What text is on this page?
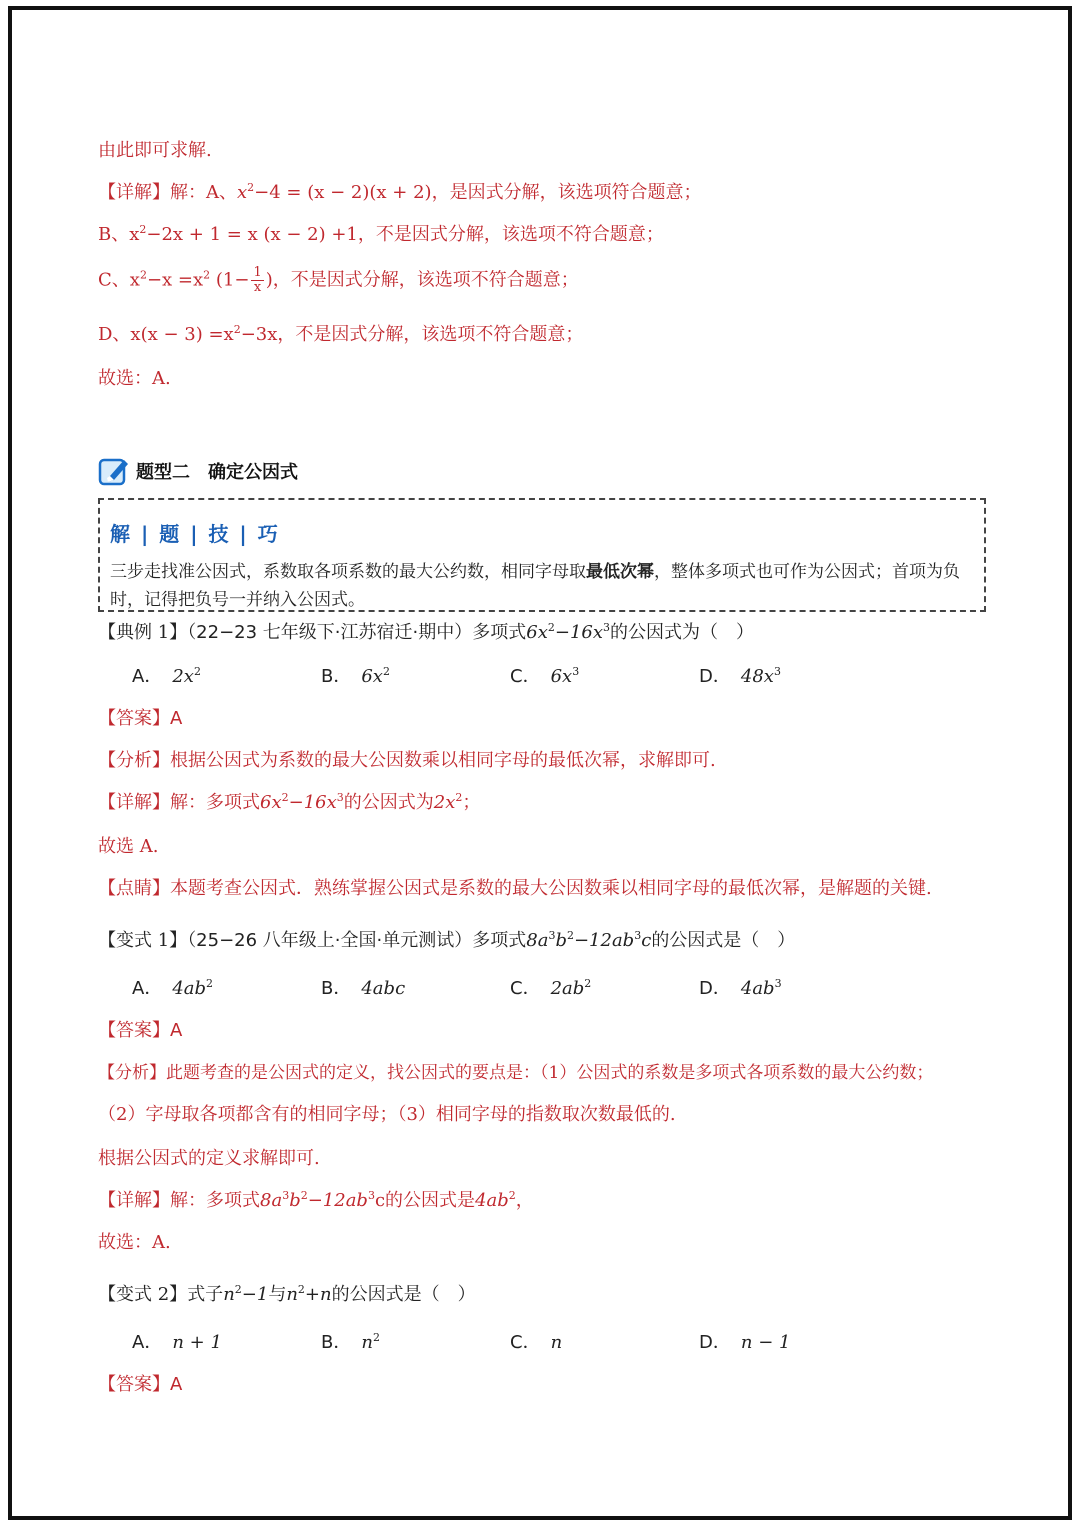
由此即可求解.
【详解】解：A、$x^2-4 = (x - 2)(x + 2)$，是因式分解，该选项符合题意；
B、$x^2-2x + 1 = x$ (x − 2) +1，不是因式分解，该选项不符合题意；
C、$x^2-x =x^2$ ($1- \frac{1}{x}$ )，不是因式分解，该选项不符合题意；
D、$x(x - 3) =x^2-3x$，不是因式分解，该选项不符合题意；
故选：A.
题型二　确定公因式
解 | 题 | 技 | 巧
三步走找准公因式，系数取各项系数的最大公约数，相同字母取最低次幂，整体多项式也可作为公因式；首项为负时，记得把负号一并纳入公因式。
【典例 1】（22−23 七年级下·江苏宿迁·期中）多项式$6x^2-16x^3$的公因式为（　）
A． $2x^2$	B． $6x^2$	C． $6x^3$	D． $48x^3$
【答案】A
【分析】根据公因式为系数的最大公因数乘以相同字母的最低次幂，求解即可.
【详解】解：多项式$6x^2-16x^3$的公因式为$2x^2$；
故选 A.
【点睛】本题考查公因式．熟练掌握公因式是系数的最大公因数乘以相同字母的最低次幂，是解题的关键.
【变式 1】（25−26 八年级上·全国·单元测试）多项式$8a^3b^2-12ab^3c$的公因式是（　）
A． $4ab^2$	B． 4abc	C． $2ab^2$	D． $4ab^3$
【答案】A
【分析】此题考查的是公因式的定义，找公因式的要点是：（1）公因式的系数是多项式各项系数的最大公约数；
（2）字母取各项都含有的相同字母；（3）相同字母的指数取次数最低的.
根据公因式的定义求解即可.
【详解】解：多项式$8a^3b^2-12ab^3c$的公因式是$4ab^2$，
故选：A.
【变式 2】式子$n^2-1$与$n^2+n$的公因式是（　）
A． n + 1	B． $n^2$	C． n	D． n − 1
【答案】A
